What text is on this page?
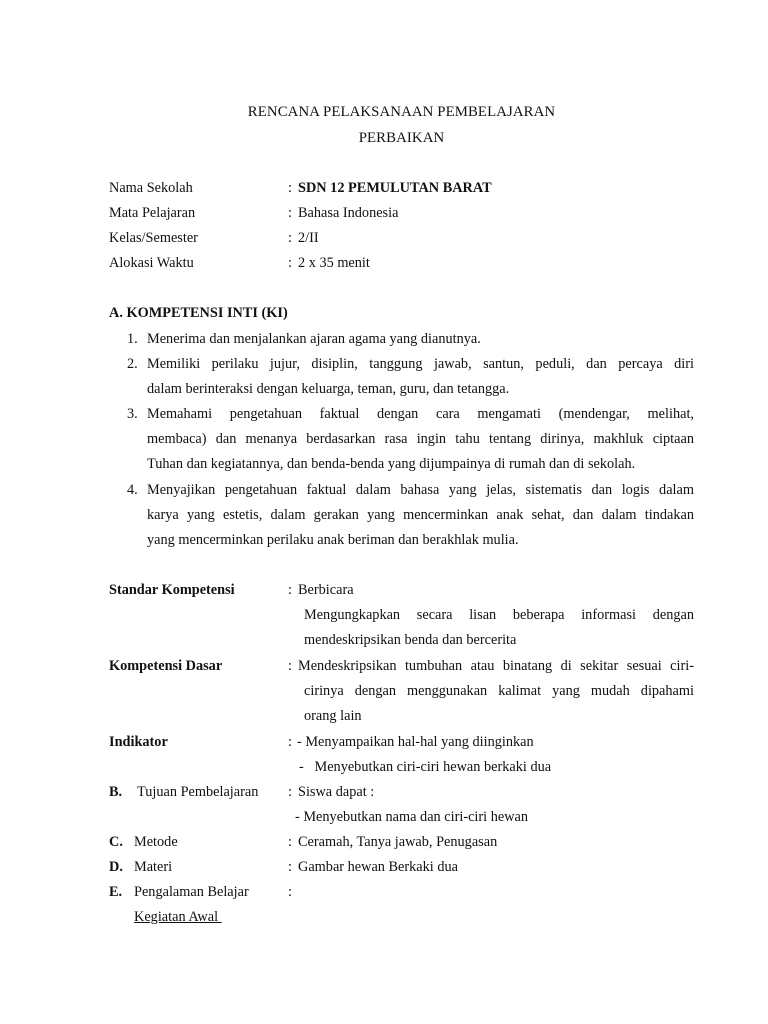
RENCANA PELAKSANAAN PEMBELAJARAN
PERBAIKAN
Nama Sekolah	: SDN 12 PEMULUTAN BARAT
Mata Pelajaran	: Bahasa Indonesia
Kelas/Semester	: 2/II
Alokasi Waktu	: 2 x 35 menit
A. KOMPETENSI INTI (KI)
1. Menerima dan menjalankan ajaran agama yang dianutnya.
2. Memiliki perilaku jujur, disiplin, tanggung jawab, santun, peduli, dan percaya diri
dalam berinteraksi dengan keluarga, teman, guru, dan tetangga.
3. Memahami pengetahuan faktual dengan cara mengamati (mendengar, melihat,
membaca) dan menanya berdasarkan rasa ingin tahu tentang dirinya, makhluk ciptaan
Tuhan dan kegiatannya, dan benda-benda yang dijumpainya di rumah dan di sekolah.
4. Menyajikan pengetahuan faktual dalam bahasa yang jelas, sistematis dan logis dalam
karya yang estetis, dalam gerakan yang mencerminkan anak sehat, dan dalam tindakan
yang mencerminkan perilaku anak beriman dan berakhlak mulia.
Standar Kompetensi	: Berbicara
Mengungkapkan secara lisan beberapa informasi dengan
mendeskripsikan benda dan bercerita
Kompetensi Dasar	: Mendeskripsikan tumbuhan atau binatang di sekitar sesuai ciri-
cirinya dengan menggunakan kalimat yang mudah dipahami
orang lain
Indikator	: - Menyampaikan hal-hal yang diinginkan
-   Menyebutkan ciri-ciri hewan berkaki dua
B. Tujuan Pembelajaran : Siswa dapat :
- Menyebutkan nama dan ciri-ciri hewan
C. Metode	: Ceramah, Tanya jawab, Penugasan
D. Materi	: Gambar hewan Berkaki dua
E. Pengalaman Belajar	:
Kegiatan Awal
